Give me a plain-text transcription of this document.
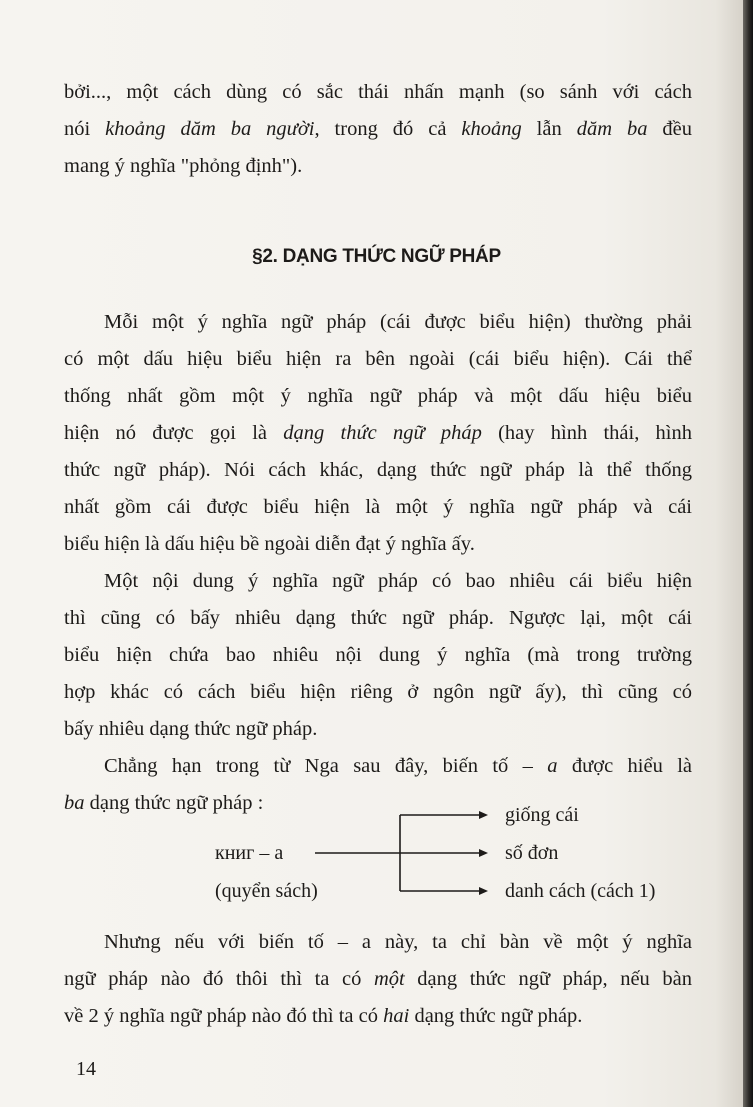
bởi..., một cách dùng có sắc thái nhấn mạnh (so sánh với cách
nói khoảng dăm ba người, trong đó cả khoảng lẫn dăm ba đều
mang ý nghĩa "phỏng định").
§2. DẠNG THỨC NGỮ PHÁP
Mỗi một ý nghĩa ngữ pháp (cái được biểu hiện) thường phải
có một dấu hiệu biểu hiện ra bên ngoài (cái biểu hiện). Cái thể
thống nhất gồm một ý nghĩa ngữ pháp và một dấu hiệu biểu
hiện nó được gọi là dạng thức ngữ pháp (hay hình thái, hình
thức ngữ pháp). Nói cách khác, dạng thức ngữ pháp là thể thống
nhất gồm cái được biểu hiện là một ý nghĩa ngữ pháp và cái
biểu hiện là dấu hiệu bề ngoài diễn đạt ý nghĩa ấy.
Một nội dung ý nghĩa ngữ pháp có bao nhiêu cái biểu hiện
thì cũng có bấy nhiêu dạng thức ngữ pháp. Ngược lại, một cái
biểu hiện chứa bao nhiêu nội dung ý nghĩa (mà trong trường
hợp khác có cách biểu hiện riêng ở ngôn ngữ ấy), thì cũng có
bấy nhiêu dạng thức ngữ pháp.
Chẳng hạn trong từ Nga sau đây, biến tố – a được hiểu là
ba dạng thức ngữ pháp :
книг – а
(quyển sách)
giống cái
số đơn
danh cách (cách 1)
Nhưng nếu với biến tố – a này, ta chỉ bàn về một ý nghĩa
ngữ pháp nào đó thôi thì ta có một dạng thức ngữ pháp, nếu bàn
về 2 ý nghĩa ngữ pháp nào đó thì ta có hai dạng thức ngữ pháp.
14
